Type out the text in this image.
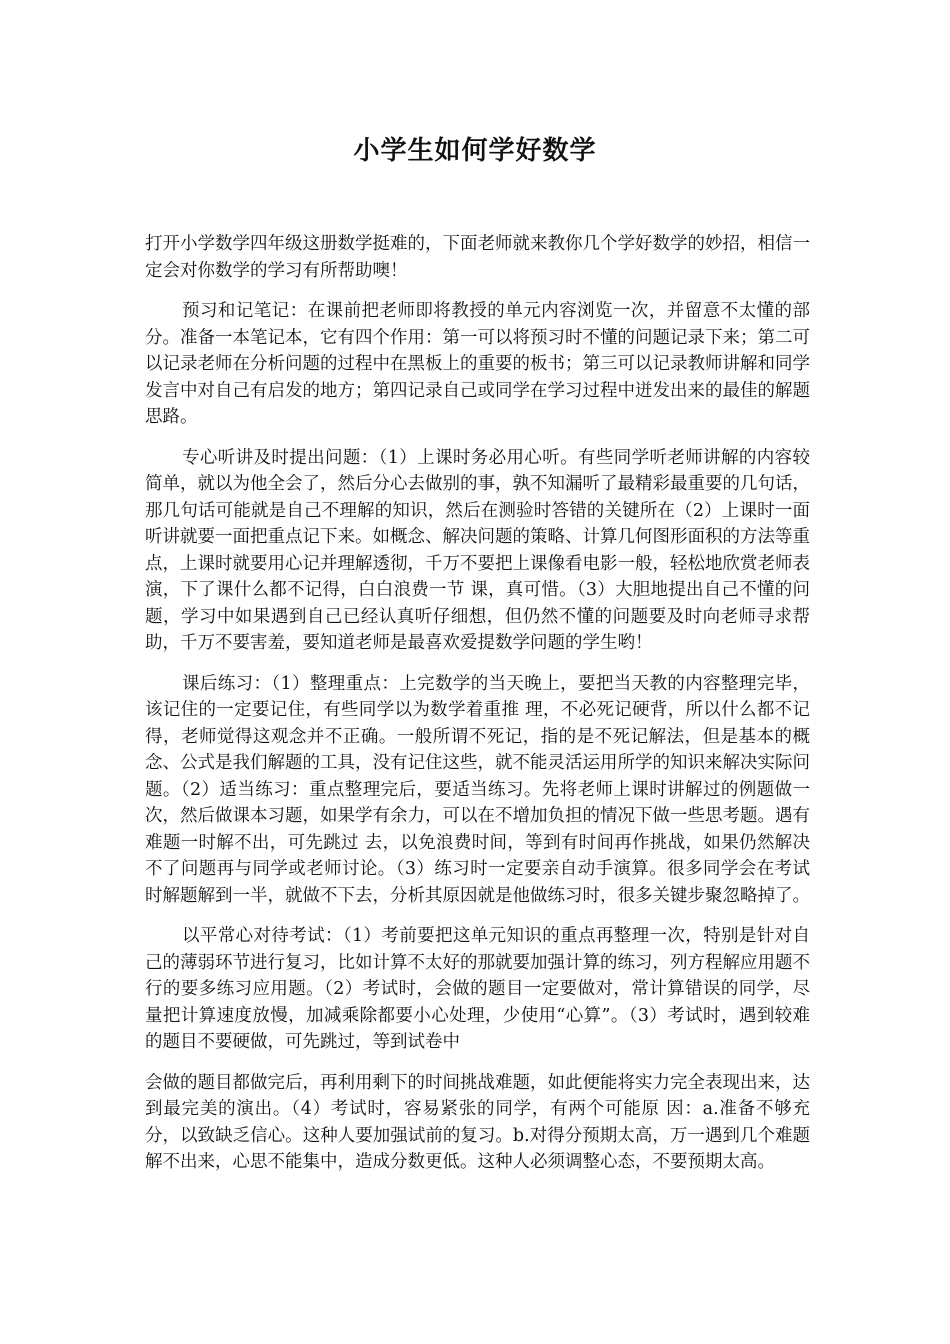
小学生如何学好数学

打开小学数学四年级这册数学挺难的，下面老师就来教你几个学好数学的妙招，相信一定会对你数学的学习有所帮助噢！

预习和记笔记：在课前把老师即将教授的单元内容浏览一次，并留意不太懂的部分。准备一本笔记本，它有四个作用：第一可以将预习时不懂的问题记录下来；第二可以记录老师在分析问题的过程中在黑板上的重要的板书；第三可以记录教师讲解和同学发言中对自己有启发的地方；第四记录自己或同学在学习过程中迸发出来的最佳的解题思路。

专心听讲及时提出问题：（1）上课时务必用心听。有些同学听老师讲解的内容较简单，就以为他全会了，然后分心去做别的事，孰不知漏听了最精彩最重要的几句话，那几句话可能就是自己不理解的知识，然后在测验时答错的关键所在（2）上课时一面听讲就要一面把重点记下来。如概念、解决问题的策略、计算几何图形面积的方法等重点，上课时就要用心记并理解透彻，千万不要把上课像看电影一般，轻松地欣赏老师表演，下了课什么都不记得，白白浪费一节 课，真可惜。（3）大胆地提出自己不懂的问题，学习中如果遇到自己已经认真听仔细想，但仍然不懂的问题要及时向老师寻求帮助，千万不要害羞，要知道老师是最喜欢爱提数学问题的学生哟！

课后练习：（1）整理重点：上完数学的当天晚上，要把当天教的内容整理完毕，该记住的一定要记住，有些同学以为数学着重推 理，不必死记硬背，所以什么都不记得，老师觉得这观念并不正确。一般所谓不死记，指的是不死记解法，但是基本的概念、公式是我们解题的工具，没有记住这些，就不能灵活运用所学的知识来解决实际问题。（2）适当练习：重点整理完后，要适当练习。先将老师上课时讲解过的例题做一次，然后做课本习题，如果学有余力，可以在不增加负担的情况下做一些思考题。遇有难题一时解不出，可先跳过 去，以免浪费时间，等到有时间再作挑战，如果仍然解决不了问题再与同学或老师讨论。（3）练习时一定要亲自动手演算。很多同学会在考试时解题解到一半，就做不下去，分析其原因就是他做练习时，很多关键步聚忽略掉了。

以平常心对待考试：（1）考前要把这单元知识的重点再整理一次，特别是针对自己的薄弱环节进行复习，比如计算不太好的那就要加强计算的练习，列方程解应用题不行的要多练习应用题。（2）考试时，会做的题目一定要做对，常计算错误的同学，尽量把计算速度放慢，加减乘除都要小心处理，少使用“心算”。（3）考试时，遇到较难的题目不要硬做，可先跳过，等到试卷中

会做的题目都做完后，再利用剩下的时间挑战难题，如此便能将实力完全表现出来，达到最完美的演出。（4）考试时，容易紧张的同学，有两个可能原 因：a.准备不够充分，以致缺乏信心。这种人要加强试前的复习。b.对得分预期太高，万一遇到几个难题解不出来，心思不能集中，造成分数更低。这种人必须调整心态，不要预期太高。
